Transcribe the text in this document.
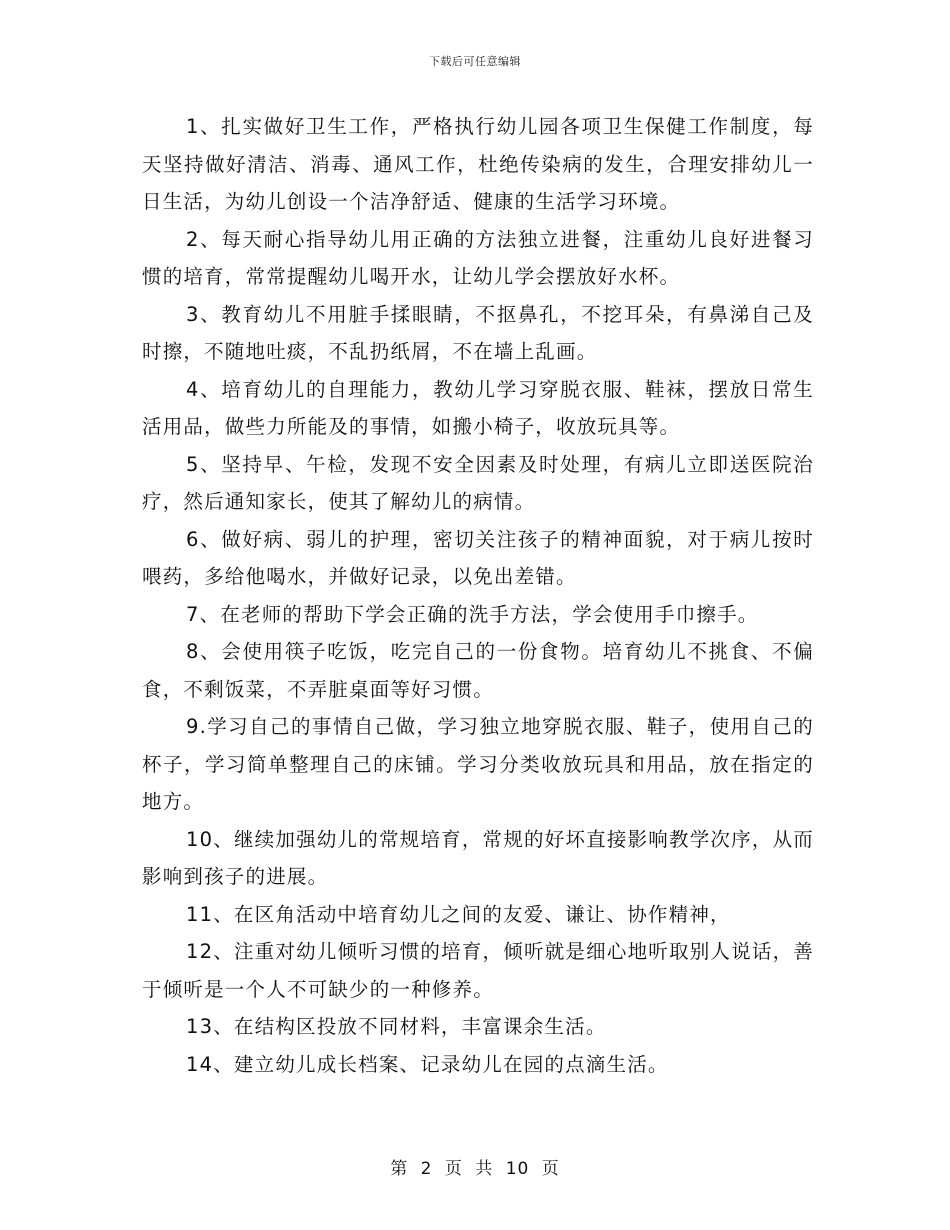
下载后可任意编辑

1、扎实做好卫生工作，严格执行幼儿园各项卫生保健工作制度，每天坚持做好清洁、消毒、通风工作，杜绝传染病的发生，合理安排幼儿一日生活，为幼儿创设一个洁净舒适、健康的生活学习环境。

2、每天耐心指导幼儿用正确的方法独立进餐，注重幼儿良好进餐习惯的培育，常常提醒幼儿喝开水，让幼儿学会摆放好水杯。

3、教育幼儿不用脏手揉眼睛，不抠鼻孔，不挖耳朵，有鼻涕自己及时擦，不随地吐痰，不乱扔纸屑，不在墙上乱画。

4、培育幼儿的自理能力，教幼儿学习穿脱衣服、鞋袜，摆放日常生活用品，做些力所能及的事情，如搬小椅子，收放玩具等。

5、坚持早、午检，发现不安全因素及时处理，有病儿立即送医院治疗，然后通知家长，使其了解幼儿的病情。

6、做好病、弱儿的护理，密切关注孩子的精神面貌，对于病儿按时喂药，多给他喝水，并做好记录，以免出差错。

7、在老师的帮助下学会正确的洗手方法，学会使用手巾擦手。

8、会使用筷子吃饭，吃完自己的一份食物。培育幼儿不挑食、不偏食，不剩饭菜，不弄脏桌面等好习惯。

9.学习自己的事情自己做，学习独立地穿脱衣服、鞋子，使用自己的杯子，学习简单整理自己的床铺。学习分类收放玩具和用品，放在指定的地方。

10、继续加强幼儿的常规培育，常规的好坏直接影响教学次序，从而影响到孩子的进展。

11、在区角活动中培育幼儿之间的友爱、谦让、协作精神，

12、注重对幼儿倾听习惯的培育，倾听就是细心地听取别人说话，善于倾听是一个人不可缺少的一种修养。

13、在结构区投放不同材料，丰富课余生活。

14、建立幼儿成长档案、记录幼儿在园的点滴生活。

第 2 页 共 10 页
